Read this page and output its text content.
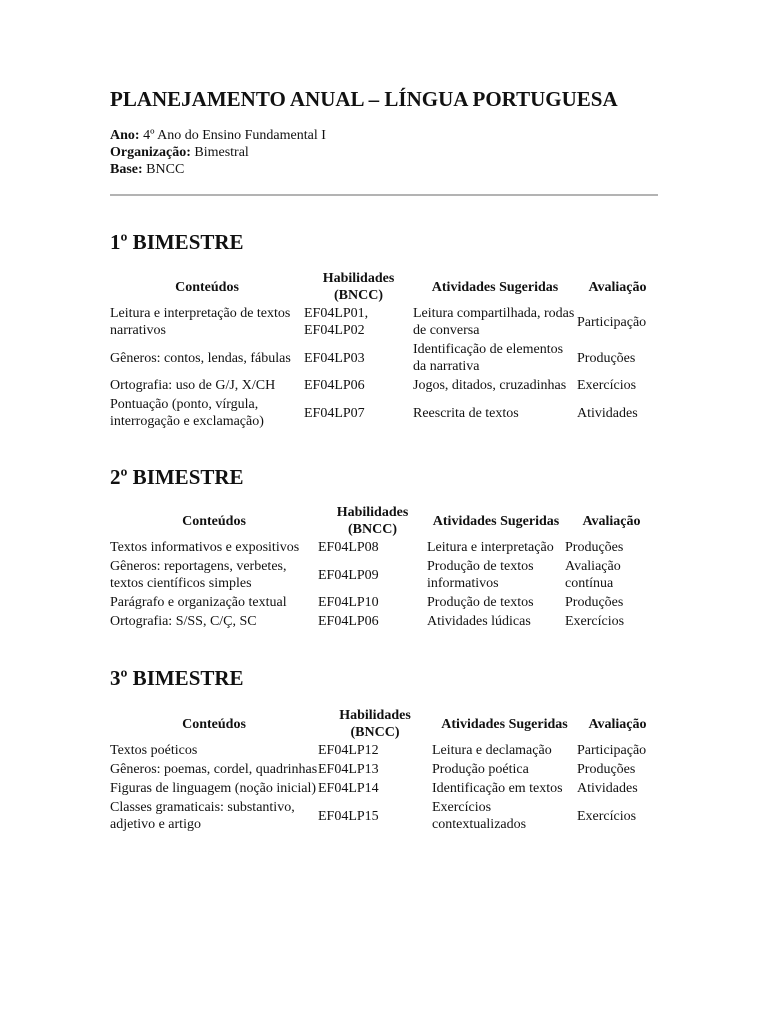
PLANEJAMENTO ANUAL – LÍNGUA PORTUGUESA
Ano: 4º Ano do Ensino Fundamental I
Organização: Bimestral
Base: BNCC
1º BIMESTRE
Conteúdos	Habilidades (BNCC)	Atividades Sugeridas	Avaliação
Leitura e interpretação de textos narrativos	EF04LP01, EF04LP02	Leitura compartilhada, rodas de conversa	Participação
Gêneros: contos, lendas, fábulas	EF04LP03	Identificação de elementos da narrativa	Produções
Ortografia: uso de G/J, X/CH	EF04LP06	Jogos, ditados, cruzadinhas	Exercícios
Pontuação (ponto, vírgula, interrogação e exclamação)	EF04LP07	Reescrita de textos	Atividades
2º BIMESTRE
Conteúdos	Habilidades (BNCC)	Atividades Sugeridas	Avaliação
Textos informativos e expositivos	EF04LP08	Leitura e interpretação	Produções
Gêneros: reportagens, verbetes, textos científicos simples	EF04LP09	Produção de textos informativos	Avaliação contínua
Parágrafo e organização textual	EF04LP10	Produção de textos	Produções
Ortografia: S/SS, C/Ç, SC	EF04LP06	Atividades lúdicas	Exercícios
3º BIMESTRE
Conteúdos	Habilidades (BNCC)	Atividades Sugeridas	Avaliação
Textos poéticos	EF04LP12	Leitura e declamação	Participação
Gêneros: poemas, cordel, quadrinhas	EF04LP13	Produção poética	Produções
Figuras de linguagem (noção inicial)	EF04LP14	Identificação em textos	Atividades
Classes gramaticais: substantivo, adjetivo e artigo	EF04LP15	Exercícios contextualizados	Exercícios
